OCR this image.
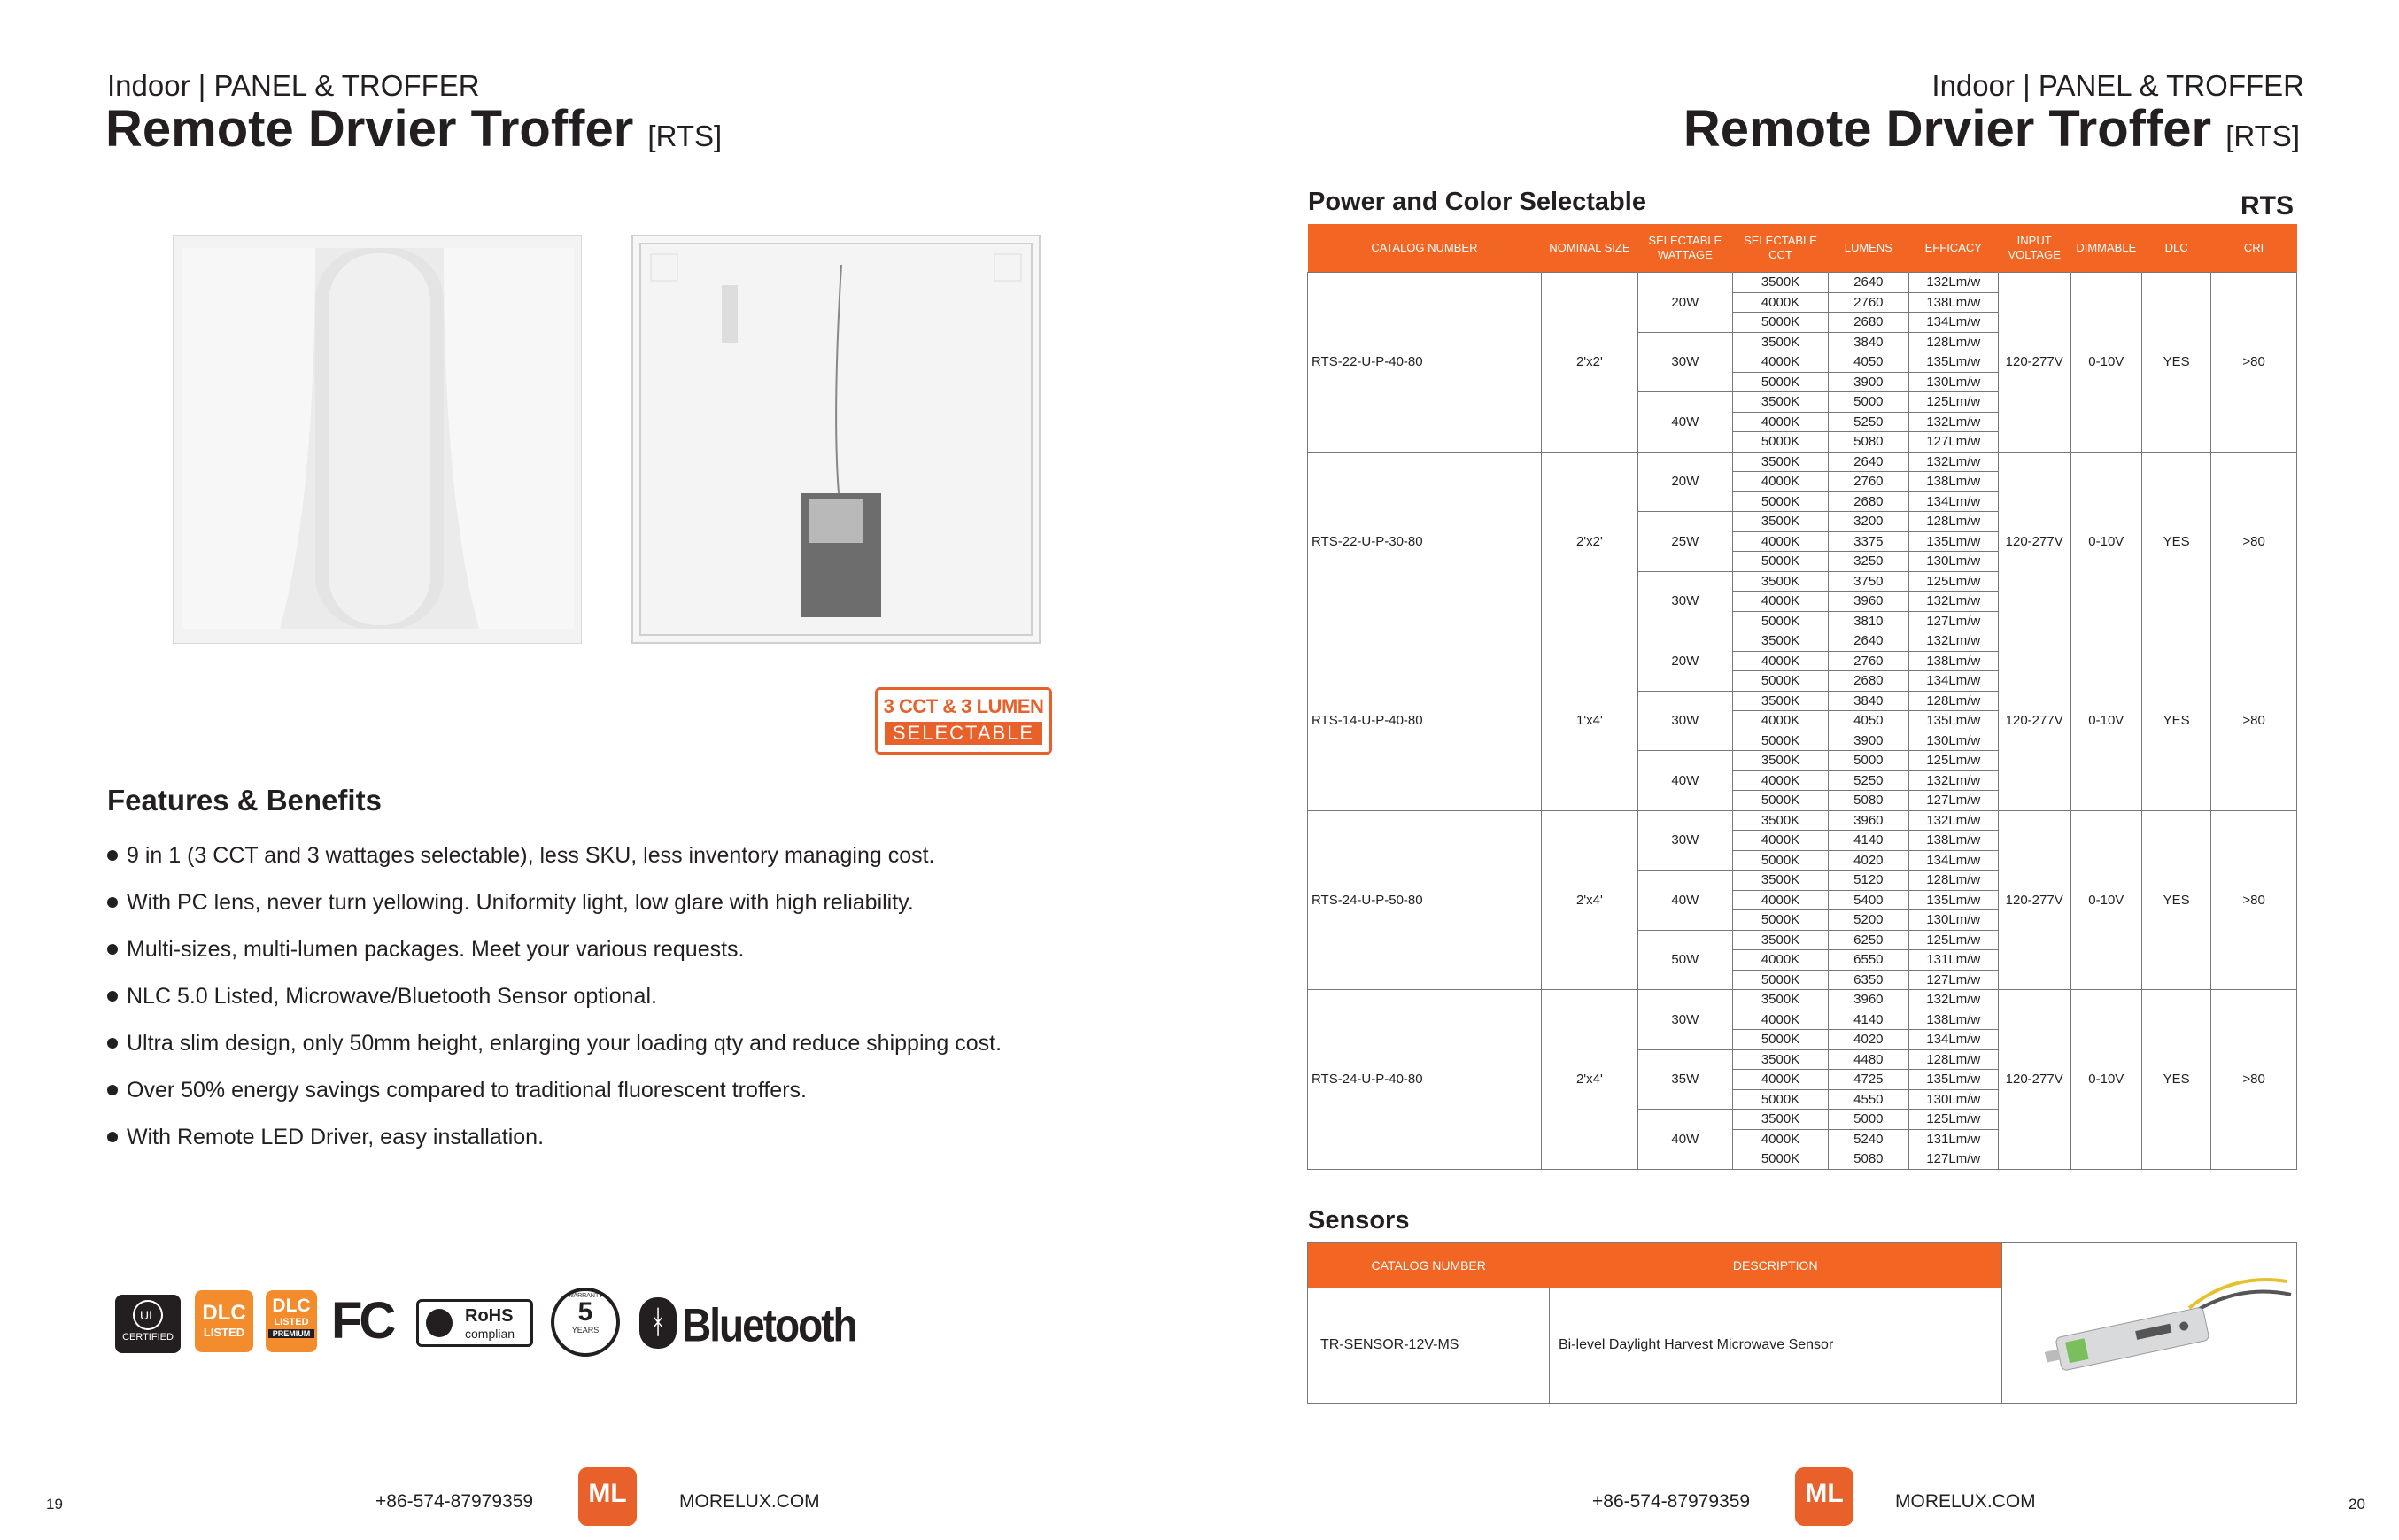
Indoor | PANEL & TROFFER
Remote Drvier Troffer [RTS]
3 CCT & 3 LUMEN
SELECTABLE
Features & Benefits
9 in 1 (3 CCT and 3 wattages selectable), less SKU, less inventory managing cost.
With PC lens, never turn yellowing. Uniformity light, low glare with high reliability.
Multi-sizes, multi-lumen packages. Meet your various requests.
NLC 5.0 Listed, Microwave/Bluetooth Sensor optional.
Ultra slim design, only 50mm height, enlarging your loading qty and reduce shipping cost.
Over 50% energy savings compared to traditional fluorescent troffers.
With Remote LED Driver, easy installation.
UL
CERTIFIED
DLC
LISTED
DLC
LISTED
PREMIUM FC	RoHS
complian
WARRANTY
5
YEARS	ᚼ Bluetooth
Indoor | PANEL & TROFFER
Remote Drvier Troffer [RTS]
Power and Color Selectable	RTS
CATALOG NUMBER	NOMINAL SIZE	SELECTABLE WATTAGE	SELECTABLE CCT	LUMENS	EFFICACY	INPUT VOLTAGE	DIMMABLE	DLC	CRI
RTS-22-U-P-40-80	2'x2'	20W	3500K	2640	132Lm/w	120-277V	0-10V	YES	>80
			4000K	2760	138Lm/w				
			5000K	2680	134Lm/w				
		30W	3500K	3840	128Lm/w				
			4000K	4050	135Lm/w				
			5000K	3900	130Lm/w				
		40W	3500K	5000	125Lm/w				
			4000K	5250	132Lm/w				
			5000K	5080	127Lm/w				
RTS-22-U-P-30-80	2'x2'	20W	3500K	2640	132Lm/w	120-277V	0-10V	YES	>80
			4000K	2760	138Lm/w				
			5000K	2680	134Lm/w				
		25W	3500K	3200	128Lm/w				
			4000K	3375	135Lm/w				
			5000K	3250	130Lm/w				
		30W	3500K	3750	125Lm/w				
			4000K	3960	132Lm/w				
			5000K	3810	127Lm/w				
RTS-14-U-P-40-80	1'x4'	20W	3500K	2640	132Lm/w	120-277V	0-10V	YES	>80
			4000K	2760	138Lm/w				
			5000K	2680	134Lm/w				
		30W	3500K	3840	128Lm/w				
			4000K	4050	135Lm/w				
			5000K	3900	130Lm/w				
		40W	3500K	5000	125Lm/w				
			4000K	5250	132Lm/w				
			5000K	5080	127Lm/w				
RTS-24-U-P-50-80	2'x4'	30W	3500K	3960	132Lm/w	120-277V	0-10V	YES	>80
			4000K	4140	138Lm/w				
			5000K	4020	134Lm/w				
		40W	3500K	5120	128Lm/w				
			4000K	5400	135Lm/w				
			5000K	5200	130Lm/w				
		50W	3500K	6250	125Lm/w				
			4000K	6550	131Lm/w				
			5000K	6350	127Lm/w				
RTS-24-U-P-40-80	2'x4'	30W	3500K	3960	132Lm/w	120-277V	0-10V	YES	>80
			4000K	4140	138Lm/w				
			5000K	4020	134Lm/w				
		35W	3500K	4480	128Lm/w				
			4000K	4725	135Lm/w				
			5000K	4550	130Lm/w				
		40W	3500K	5000	125Lm/w				
			4000K	5240	131Lm/w				
			5000K	5080	127Lm/w				
Sensors
CATALOG NUMBER	DESCRIPTION	
TR-SENSOR-12V-MS	Bi-level Daylight Harvest Microwave Sensor	
19	+86-574-87979359	ML	MORELUX.COM	+86-574-87979359	ML	MORELUX.COM	20
